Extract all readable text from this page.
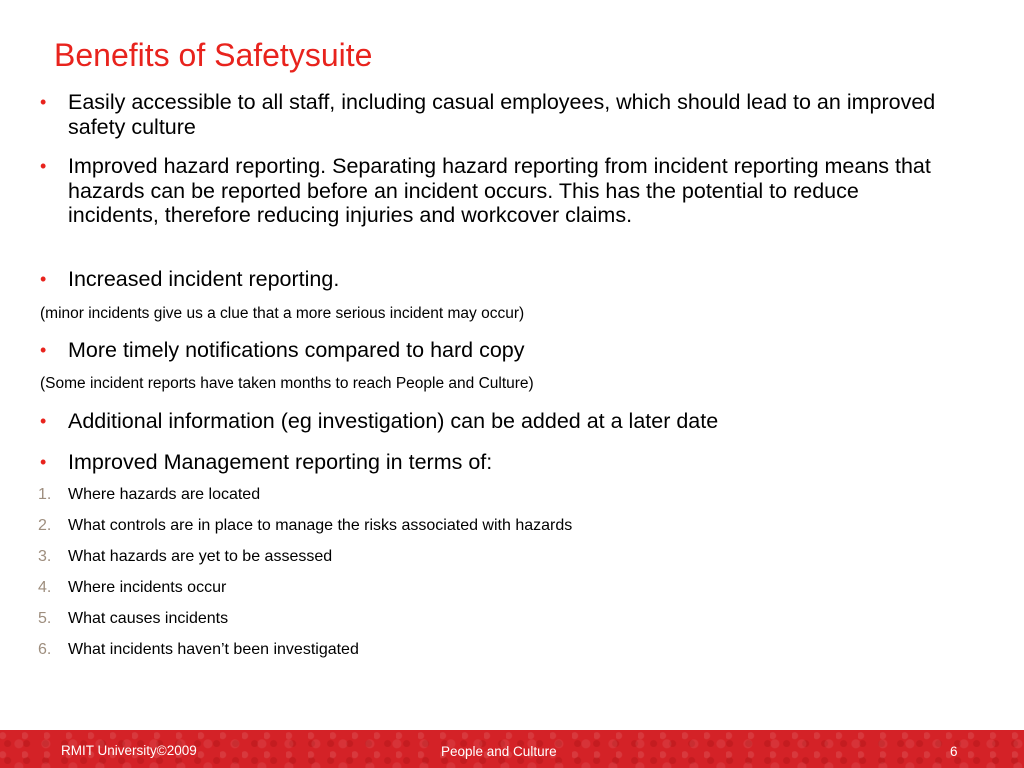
Benefits of Safetysuite
•	Easily accessible to all staff, including casual employees, which should lead to an improved safety culture
•	Improved hazard reporting. Separating hazard reporting from incident reporting means that hazards can be reported before an incident occurs. This has the potential to reduce incidents, therefore reducing injuries and workcover claims.
•	Increased incident reporting.
(minor incidents give us a clue that a more serious incident may occur)
•	More timely notifications compared to hard copy
(Some incident reports have taken months to reach People and Culture)
•	Additional information (eg investigation) can be added at a later date
•	Improved Management reporting in terms of:
1. Where hazards are located
2. What controls are in place to manage the risks associated with hazards
3. What hazards are yet to be assessed
4. Where incidents occur
5. What causes incidents
6. What incidents haven’t been investigated
RMIT University©2009	People and Culture	6
